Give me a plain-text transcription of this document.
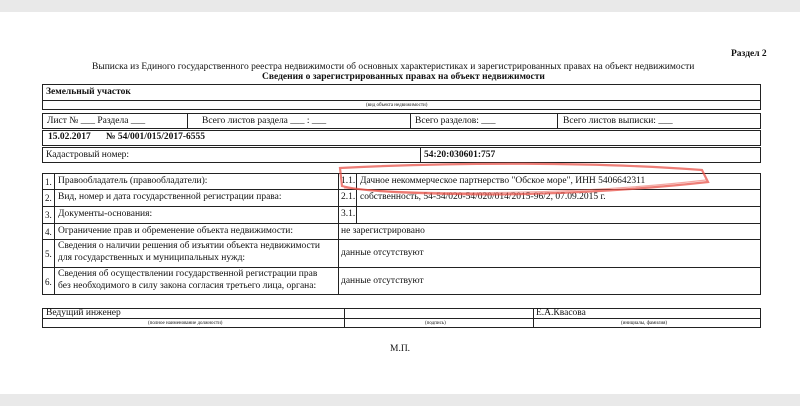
Раздел 2
Выписка из Единого государственного реестра недвижимости об основных характеристиках и зарегистрированных правах на объект недвижимости
Сведения о зарегистрированных правах на объект недвижимости
Земельный участок
(вид объекта недвижимости)
Лист № ___ Раздела ___	Всего листов раздела ___ : ___	Всего разделов: ___	Всего листов выписки: ___
15.02.2017 № 54/001/015/2017-6555
Кадастровый номер:	54:20:030601:757
1. Правообладатель (правообладатели):	1.1. Дачное некоммерческое партнерство "Обское море", ИНН 5406642311
2. Вид, номер и дата государственной регистрации права:	2.1. собственность, 54-54/020-54/020/014/2015-96/2, 07.09.2015 г.
3. Документы-основания:	3.1.
4. Ограничение прав и обременение объекта недвижимости:	не зарегистрировано
5.
Сведения о наличии решения об изъятии объекта недвижимости
для государственных и муниципальных нужд:	данные отсутствуют
6.
Сведения об осуществлении государственной регистрации прав
без необходимого в силу закона согласия третьего лица, органа:	данные отсутствуют
Ведущий инженер	Е.А.Квасова
(полное наименование должности)	(подпись)	(инициалы, фамилия)
М.П.
